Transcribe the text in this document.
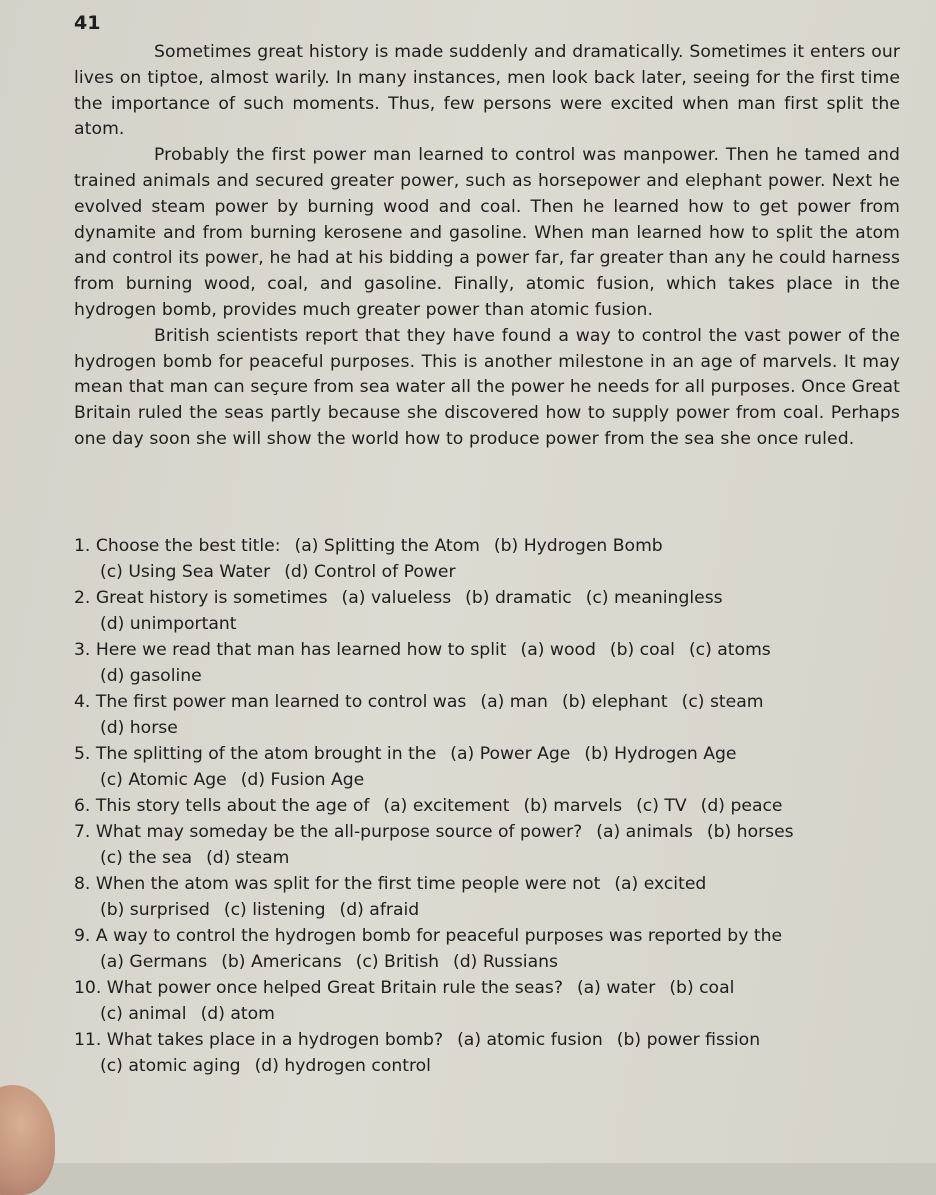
41

Sometimes great history is made suddenly and dramatically. Sometimes it enters our lives on tiptoe, almost warily. In many instances, men look back later, seeing for the first time the importance of such moments. Thus, few persons were excited when man first split the atom.

Probably the first power man learned to control was manpower. Then he tamed and trained animals and secured greater power, such as horsepower and elephant power. Next he evolved steam power by burning wood and coal. Then he learned how to get power from dynamite and from burning kerosene and gasoline. When man learned how to split the atom and control its power, he had at his bidding a power far, far greater than any he could harness from burning wood, coal, and gasoline. Finally, atomic fusion, which takes place in the hydrogen bomb, provides much greater power than atomic fusion.

British scientists report that they have found a way to control the vast power of the hydrogen bomb for peaceful purposes. This is another milestone in an age of marvels. It may mean that man can seçure from sea water all the power he needs for all purposes. Once Great Britain ruled the seas partly because she discovered how to supply power from coal. Perhaps one day soon she will show the world how to produce power from the sea she once ruled.

1. Choose the best title: (a) Splitting the Atom (b) Hydrogen Bomb
(c) Using Sea Water (d) Control of Power
2. Great history is sometimes (a) valueless (b) dramatic (c) meaningless
(d) unimportant
3. Here we read that man has learned how to split (a) wood (b) coal (c) atoms
(d) gasoline
4. The first power man learned to control was (a) man (b) elephant (c) steam
(d) horse
5. The splitting of the atom brought in the (a) Power Age (b) Hydrogen Age
(c) Atomic Age (d) Fusion Age
6. This story tells about the age of (a) excitement (b) marvels (c) TV (d) peace
7. What may someday be the all-purpose source of power? (a) animals (b) horses
(c) the sea (d) steam
8. When the atom was split for the first time people were not (a) excited
(b) surprised (c) listening (d) afraid
9. A way to control the hydrogen bomb for peaceful purposes was reported by the
(a) Germans (b) Americans (c) British (d) Russians
10. What power once helped Great Britain rule the seas? (a) water (b) coal
(c) animal (d) atom
11. What takes place in a hydrogen bomb? (a) atomic fusion (b) power fission
(c) atomic aging (d) hydrogen control
